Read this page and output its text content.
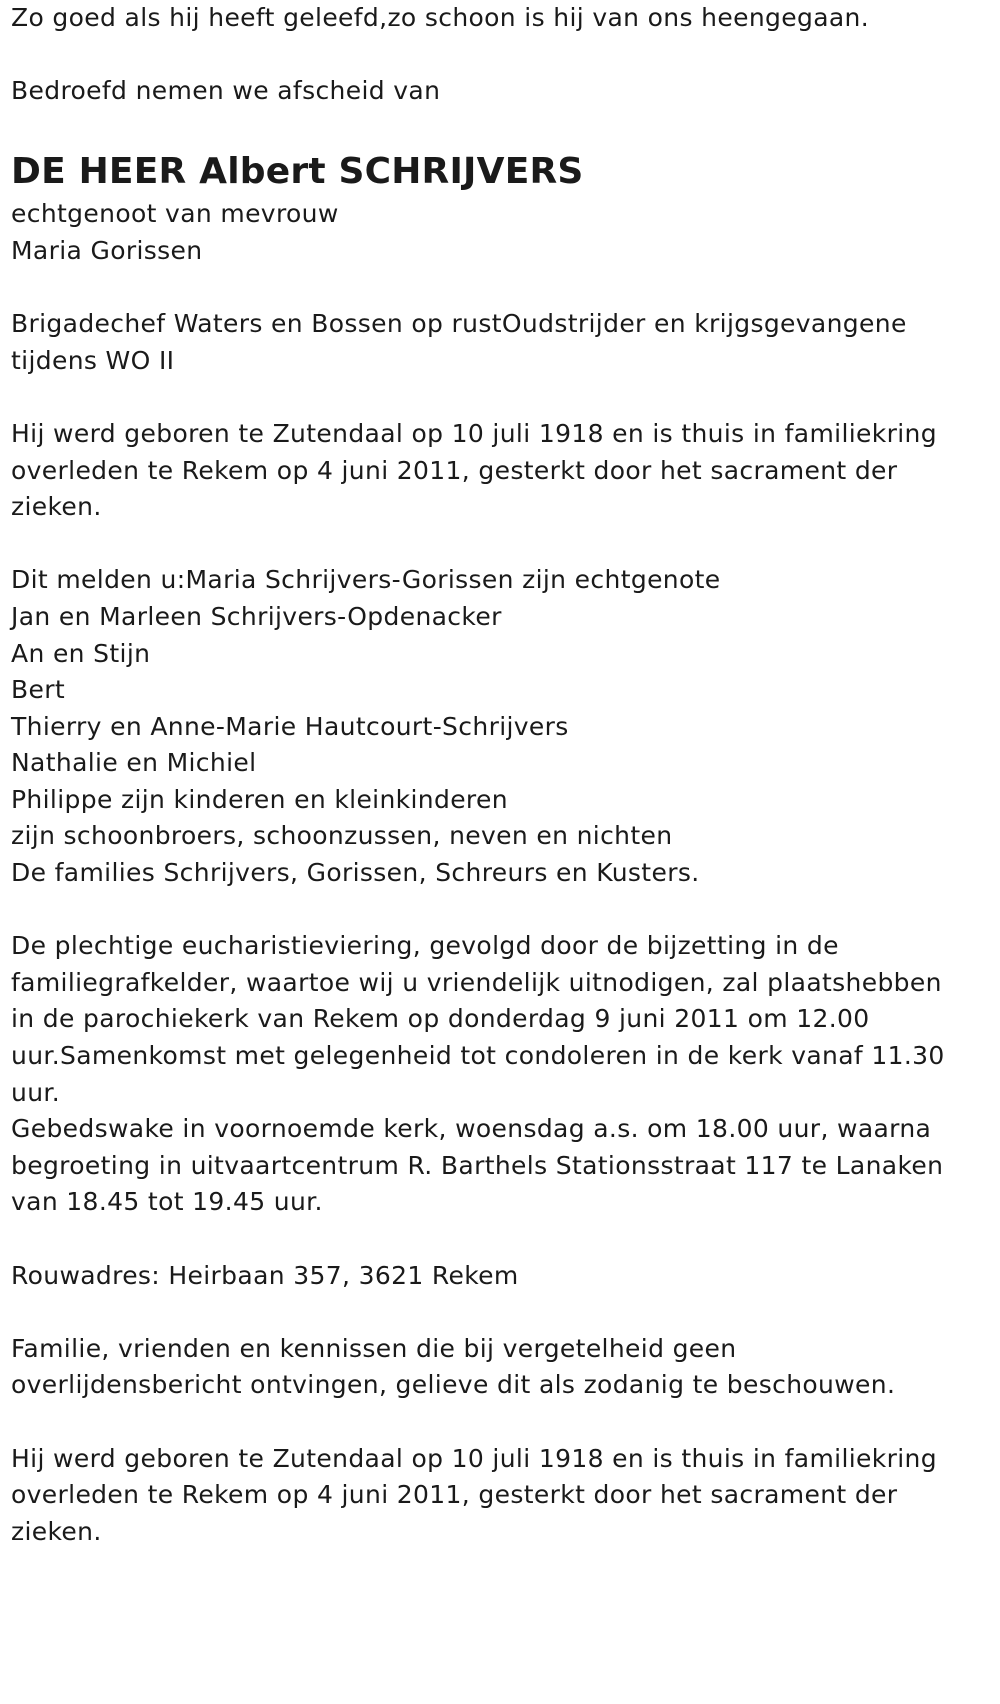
Zo goed als hij heeft geleefd,zo schoon is hij van ons heengegaan.
Bedroefd nemen we afscheid van
DE HEER Albert SCHRIJVERS
echtgenoot van mevrouw
Maria Gorissen
Brigadechef Waters en Bossen op rustOudstrijder en krijgsgevangene
tijdens WO II
Hij werd geboren te Zutendaal op 10 juli 1918 en is thuis in familiekring
overleden te Rekem op 4 juni 2011, gesterkt door het sacrament der
zieken.
Dit melden u:Maria Schrijvers-Gorissen zijn echtgenote
Jan en Marleen Schrijvers-Opdenacker
An en Stijn
Bert
Thierry en Anne-Marie Hautcourt-Schrijvers
Nathalie en Michiel
Philippe zijn kinderen en kleinkinderen
zijn schoonbroers, schoonzussen, neven en nichten
De families Schrijvers, Gorissen, Schreurs en Kusters.
De plechtige eucharistieviering, gevolgd door de bijzetting in de
familiegrafkelder, waartoe wij u vriendelijk uitnodigen, zal plaatshebben
in de parochiekerk van Rekem op donderdag 9 juni 2011 om 12.00
uur.Samenkomst met gelegenheid tot condoleren in de kerk vanaf 11.30
uur.
Gebedswake in voornoemde kerk, woensdag a.s. om 18.00 uur, waarna
begroeting in uitvaartcentrum R. Barthels Stationsstraat 117 te Lanaken
van 18.45 tot 19.45 uur.
Rouwadres: Heirbaan 357, 3621 Rekem
Familie, vrienden en kennissen die bij vergetelheid geen
overlijdensbericht ontvingen, gelieve dit als zodanig te beschouwen.
Hij werd geboren te Zutendaal op 10 juli 1918 en is thuis in familiekring
overleden te Rekem op 4 juni 2011, gesterkt door het sacrament der
zieken.
